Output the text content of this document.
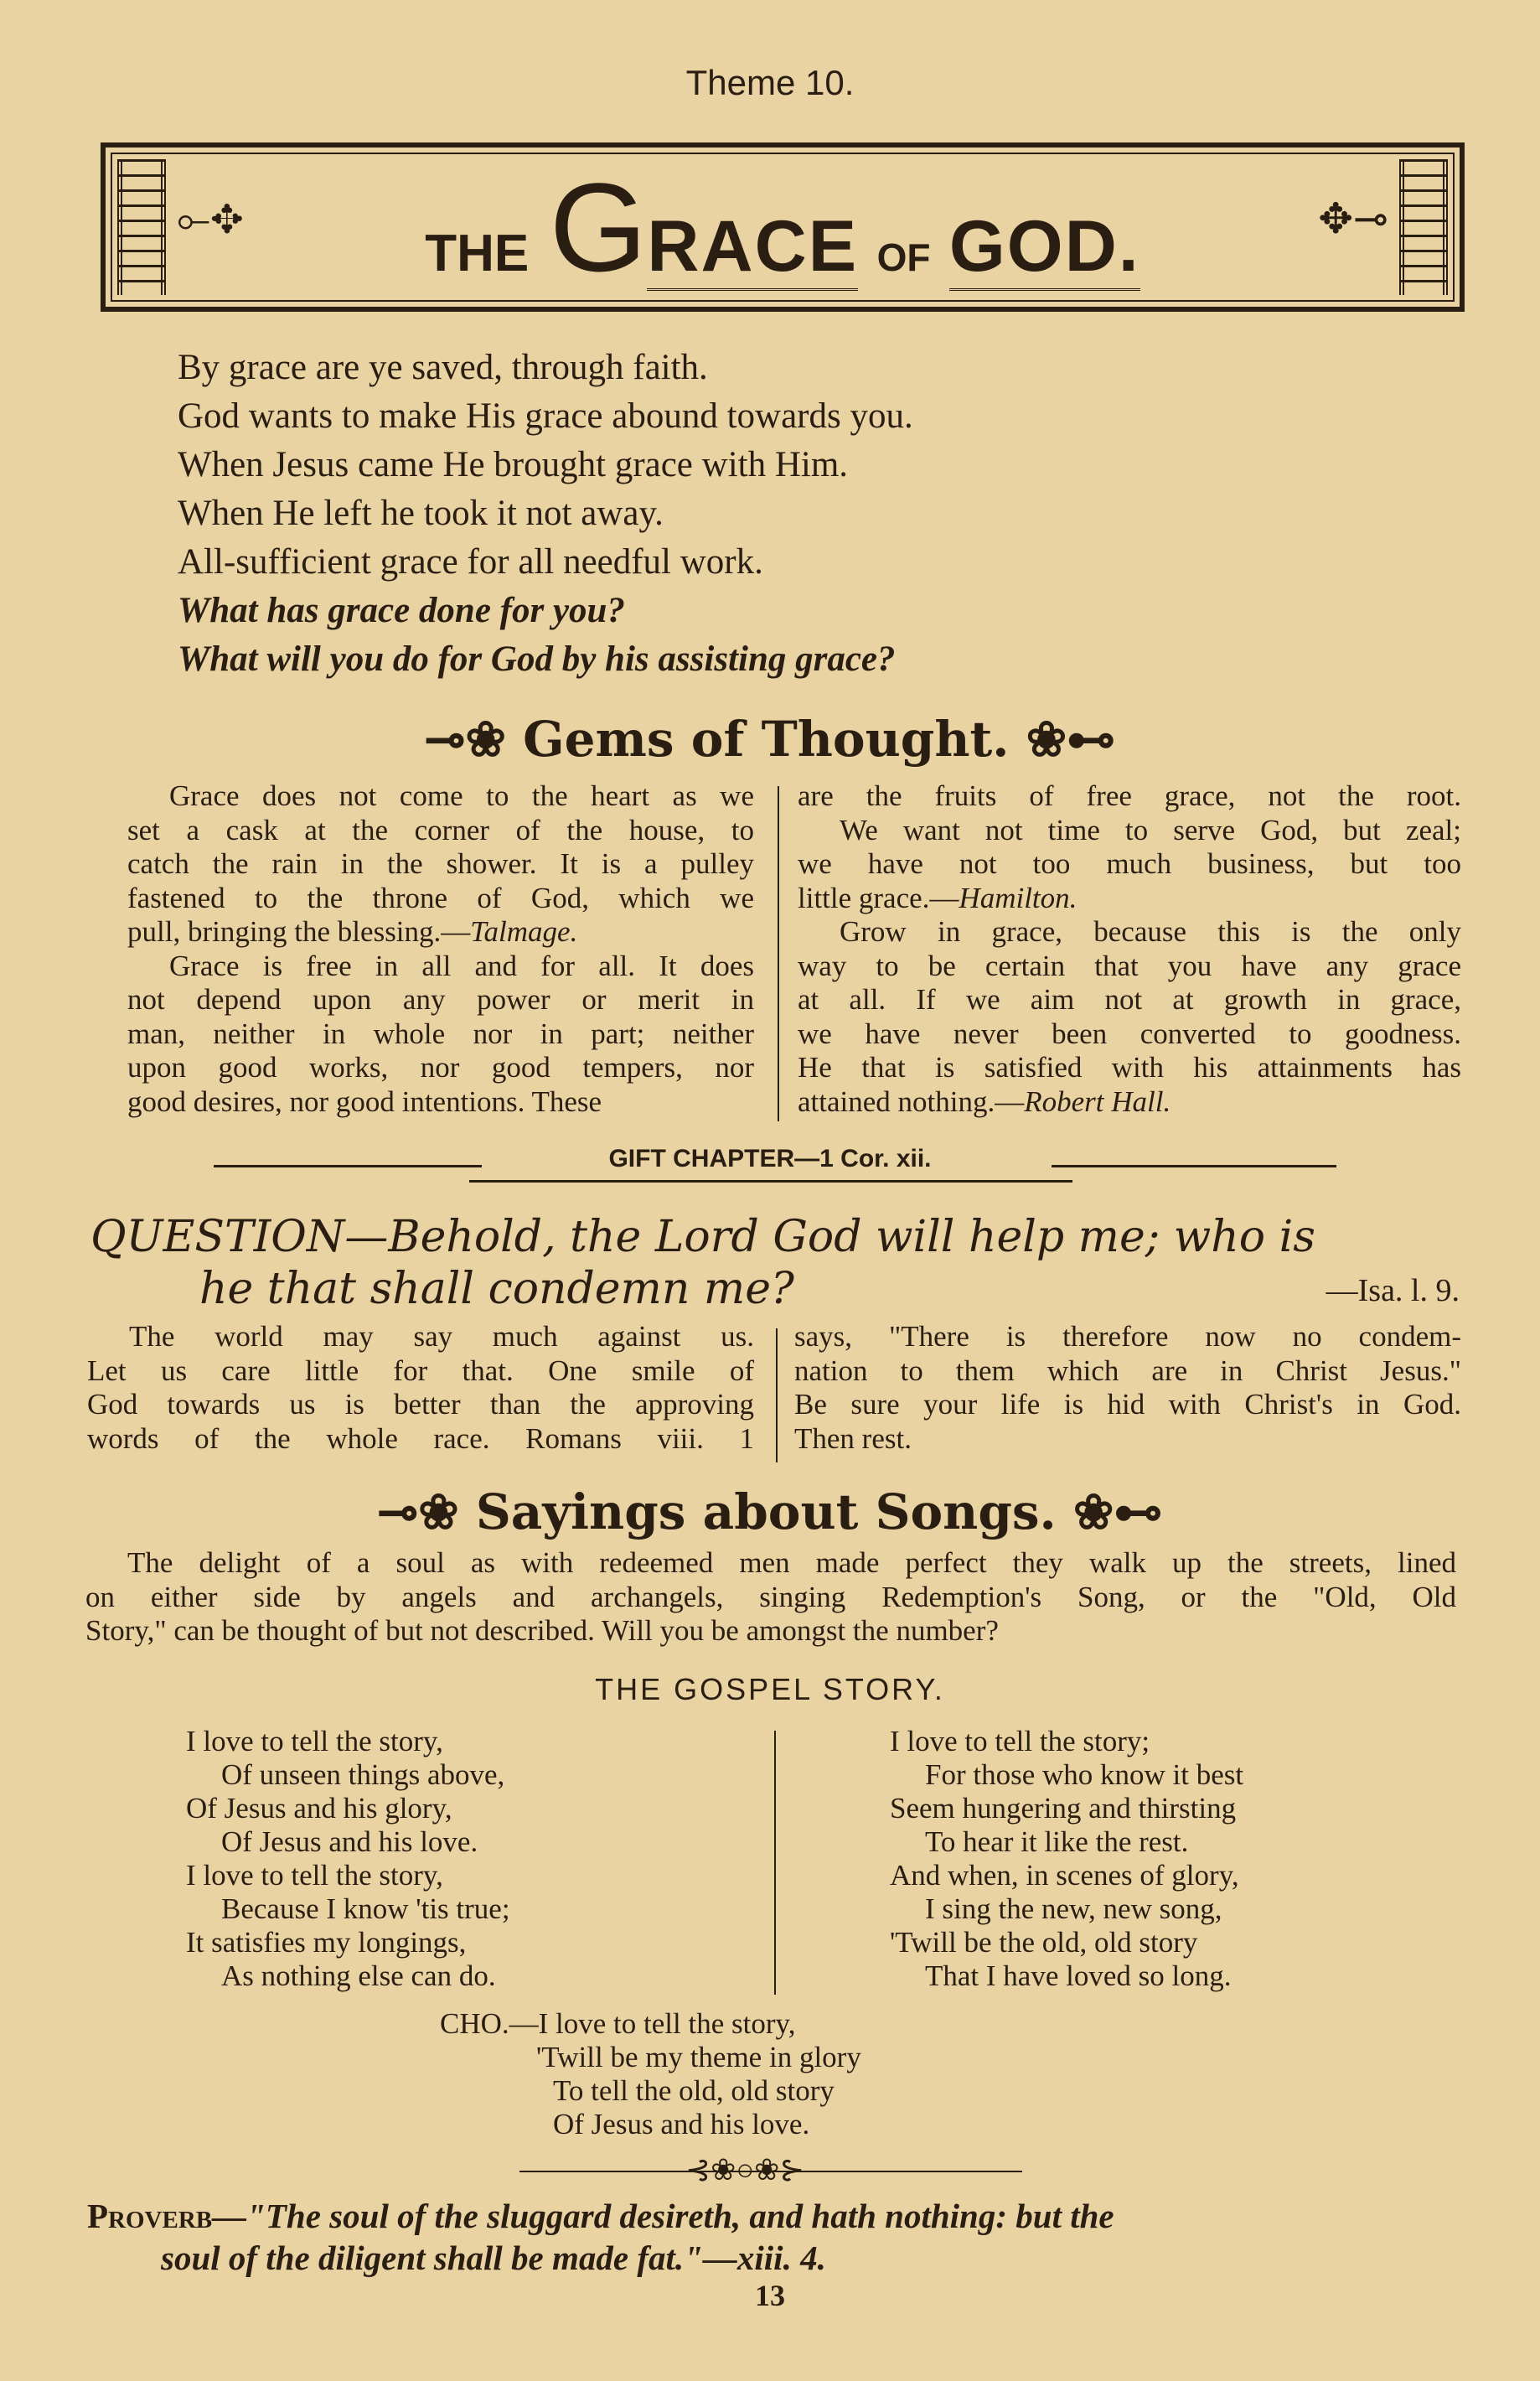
Theme 10.
⟜✥	✥⊸
THE GRACE OF GOD.
By grace are ye saved, through faith.
God wants to make His grace abound towards you.
When Jesus came He brought grace with Him.
When He left he took it not away.
All-sufficient grace for all needful work.
What has grace done for you?
What will you do for God by his assisting grace?
⊸❀ Gems of Thought. ❀⊷
Grace does not come to the heart as we
set a cask at the corner of the house, to
catch the rain in the shower. It is a pulley
fastened to the throne of God, which we
pull, bringing the blessing.—Talmage.
Grace is free in all and for all. It does
not depend upon any power or merit in
man, neither in whole nor in part; neither
upon good works, nor good tempers, nor
good desires, nor good intentions. These
are the fruits of free grace, not the root.
We want not time to serve God, but zeal;
we have not too much business, but too
little grace.—Hamilton.
Grow in grace, because this is the only
way to be certain that you have any grace
at all. If we aim not at growth in grace,
we have never been converted to goodness.
He that is satisfied with his attainments has
attained nothing.—Robert Hall.
GIFT CHAPTER—1 Cor. xii.
QUESTION—Behold, the Lord God will help me; who is
he that shall condemn me?	—Isa. l. 9.
The world may say much against us.
Let us care little for that. One smile of
God towards us is better than the approving
words of the whole race. Romans viii. 1
says, "There is therefore now no condem-
nation to them which are in Christ Jesus."
Be sure your life is hid with Christ's in God.
Then rest.
⊸❀ Sayings about Songs. ❀⊷
The delight of a soul as with redeemed men made perfect they walk up the streets, lined
on either side by angels and archangels, singing Redemption's Song, or the "Old, Old
Story," can be thought of but not described. Will you be amongst the number?
THE GOSPEL STORY.
I love to tell the story,
Of unseen things above,
Of Jesus and his glory,
Of Jesus and his love.
I love to tell the story,
Because I know 'tis true;
It satisfies my longings,
As nothing else can do.
I love to tell the story;
For those who know it best
Seem hungering and thirsting
To hear it like the rest.
And when, in scenes of glory,
I sing the new, new song,
'Twill be the old, old story
That I have loved so long.
CHO.—I love to tell the story,
'Twill be my theme in glory
To tell the old, old story
Of Jesus and his love.
⊰❀○❀⊱
Proverb—"The soul of the sluggard desireth, and hath nothing: but the
soul of the diligent shall be made fat."—xiii. 4.
13
